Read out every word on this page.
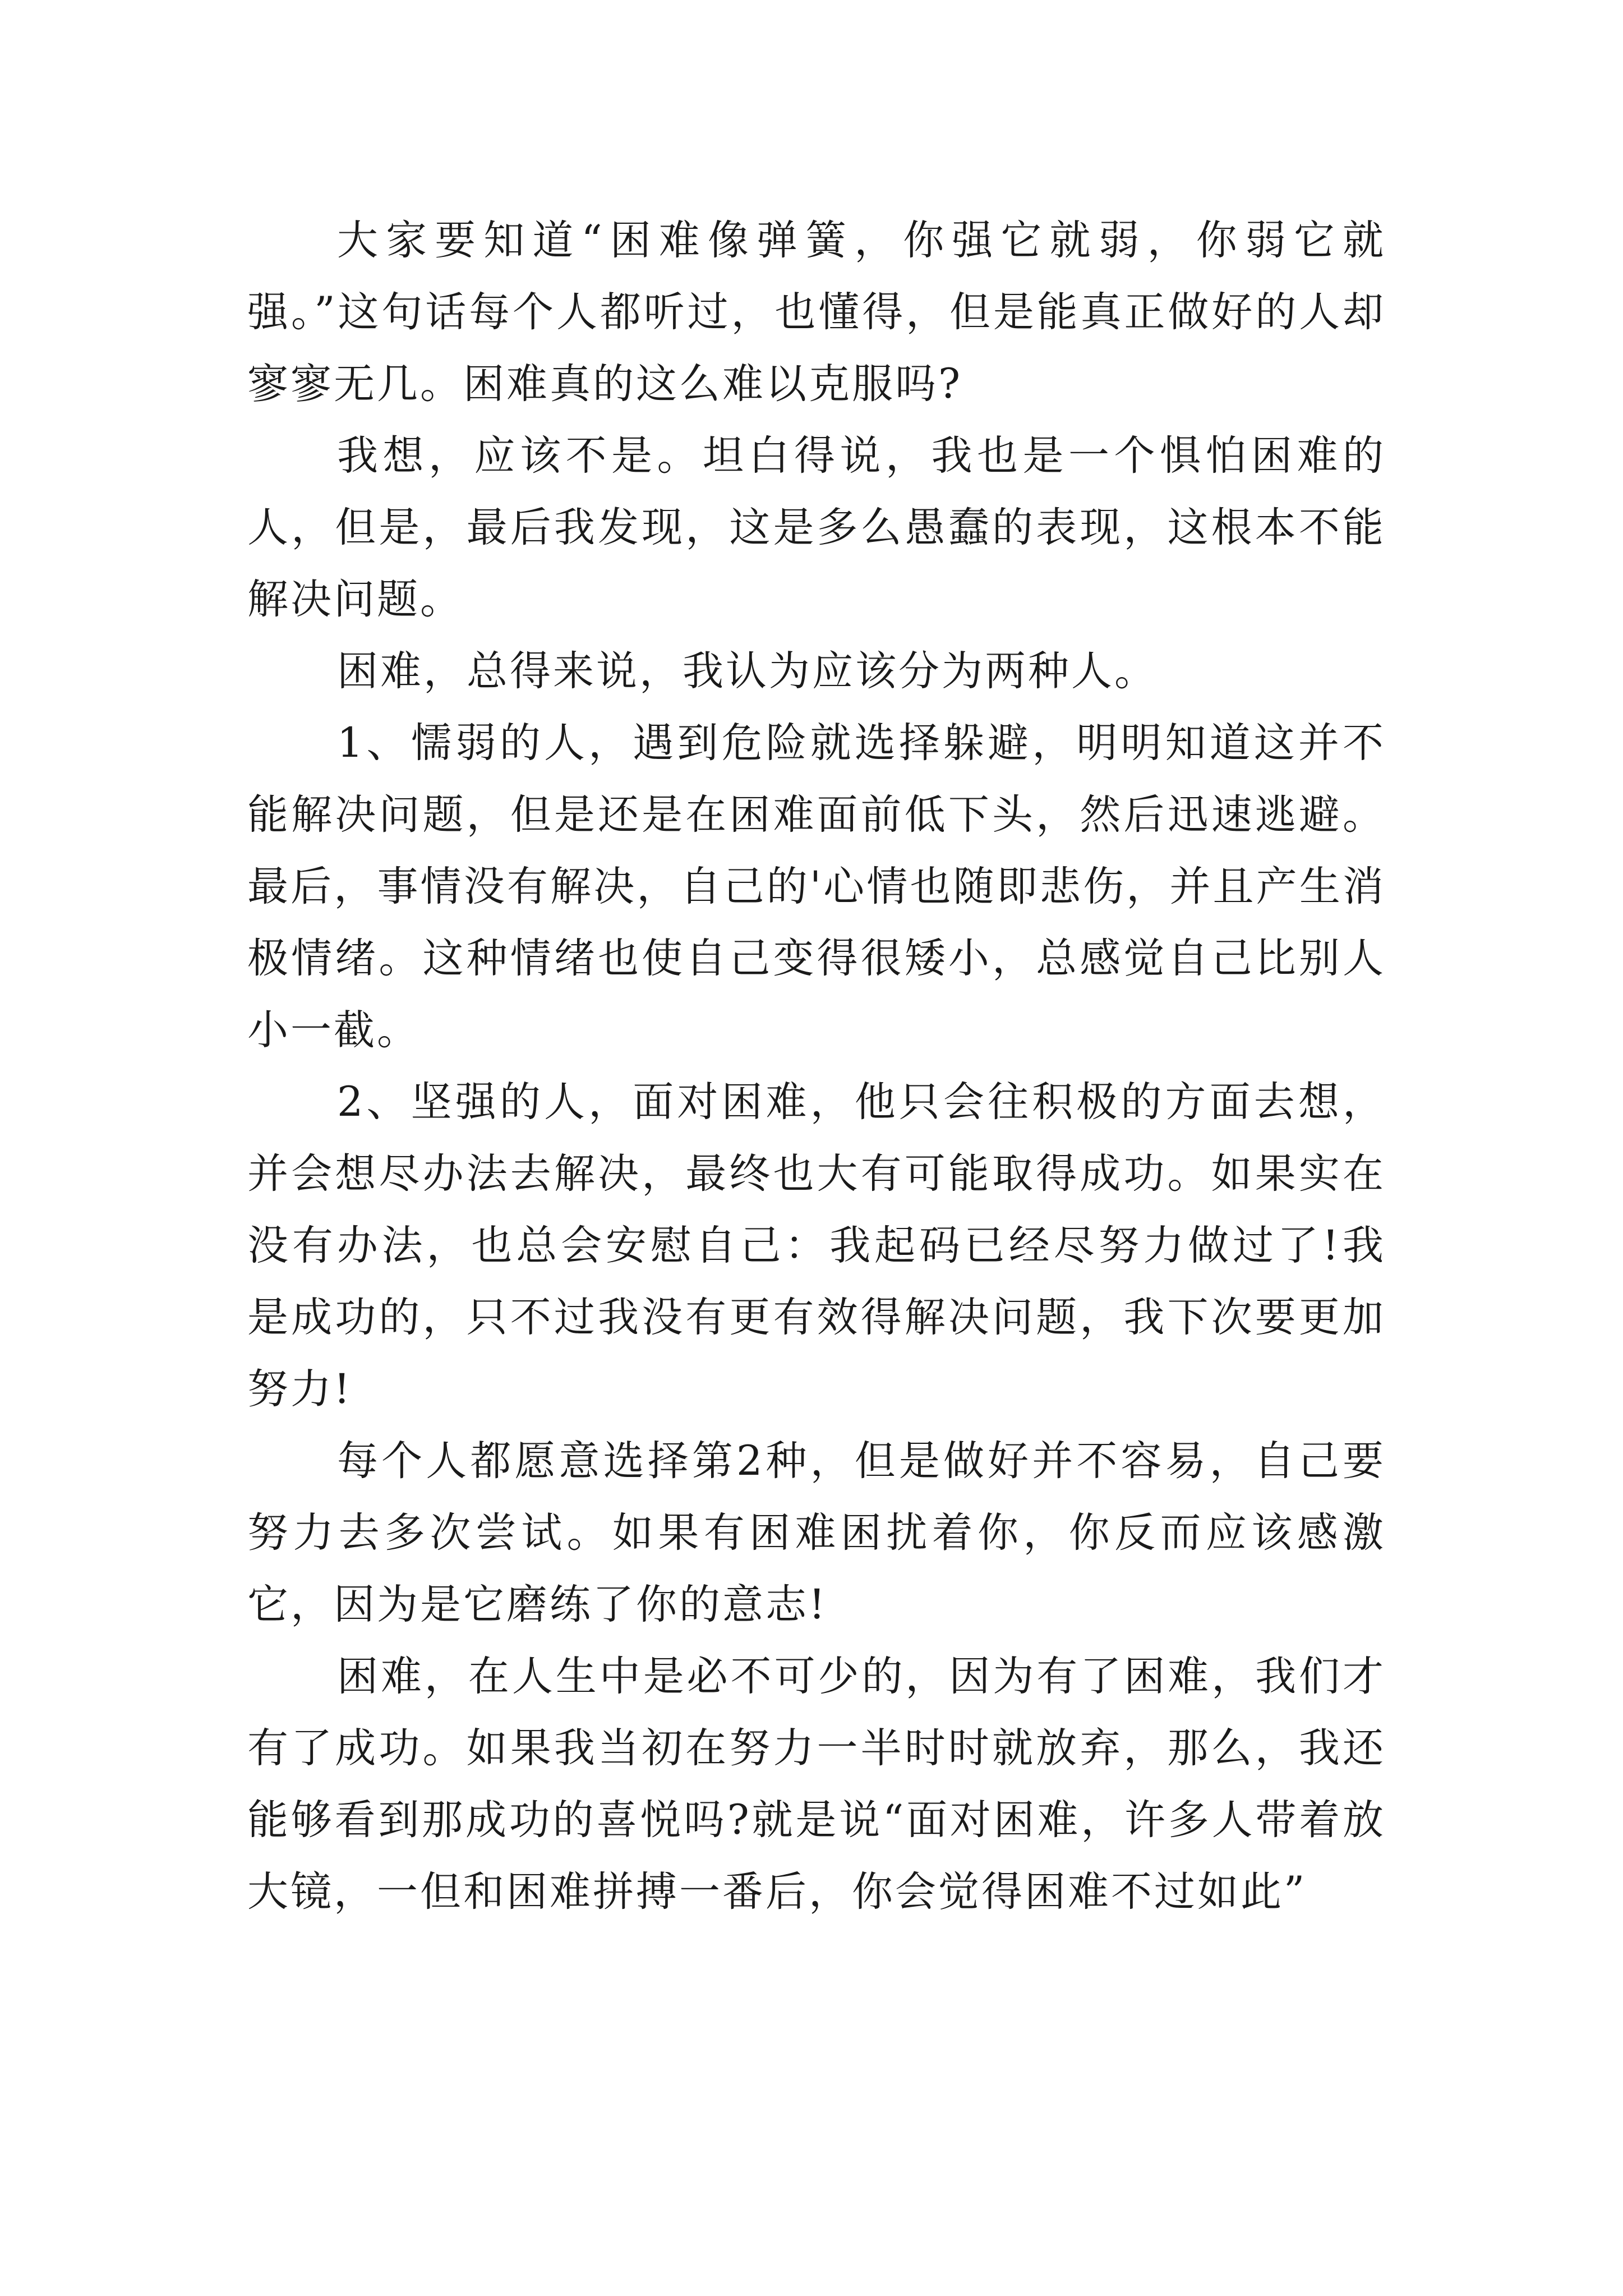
大家要知道“困难像弹簧，你强它就弱，你弱它就强。”这句话每个人都听过，也懂得，但是能真正做好的人却寥寥无几。困难真的这么难以克服吗?

我想，应该不是。坦白得说，我也是一个惧怕困难的人，但是，最后我发现，这是多么愚蠢的表现，这根本不能解决问题。

困难，总得来说，我认为应该分为两种人。

1、懦弱的人，遇到危险就选择躲避，明明知道这并不能解决问题，但是还是在困难面前低下头，然后迅速逃避。最后，事情没有解决，自己的'心情也随即悲伤，并且产生消极情绪。这种情绪也使自己变得很矮小，总感觉自己比别人小一截。

2、坚强的人，面对困难，他只会往积极的方面去想，并会想尽办法去解决，最终也大有可能取得成功。如果实在没有办法，也总会安慰自己：我起码已经尽努力做过了!我是成功的，只不过我没有更有效得解决问题，我下次要更加努力!

每个人都愿意选择第2种，但是做好并不容易，自己要努力去多次尝试。如果有困难困扰着你，你反而应该感激它，因为是它磨练了你的意志!

困难，在人生中是必不可少的，因为有了困难，我们才有了成功。如果我当初在努力一半时时就放弃，那么，我还能够看到那成功的喜悦吗?就是说“面对困难，许多人带着放大镜，一但和困难拼搏一番后，你会觉得困难不过如此”
